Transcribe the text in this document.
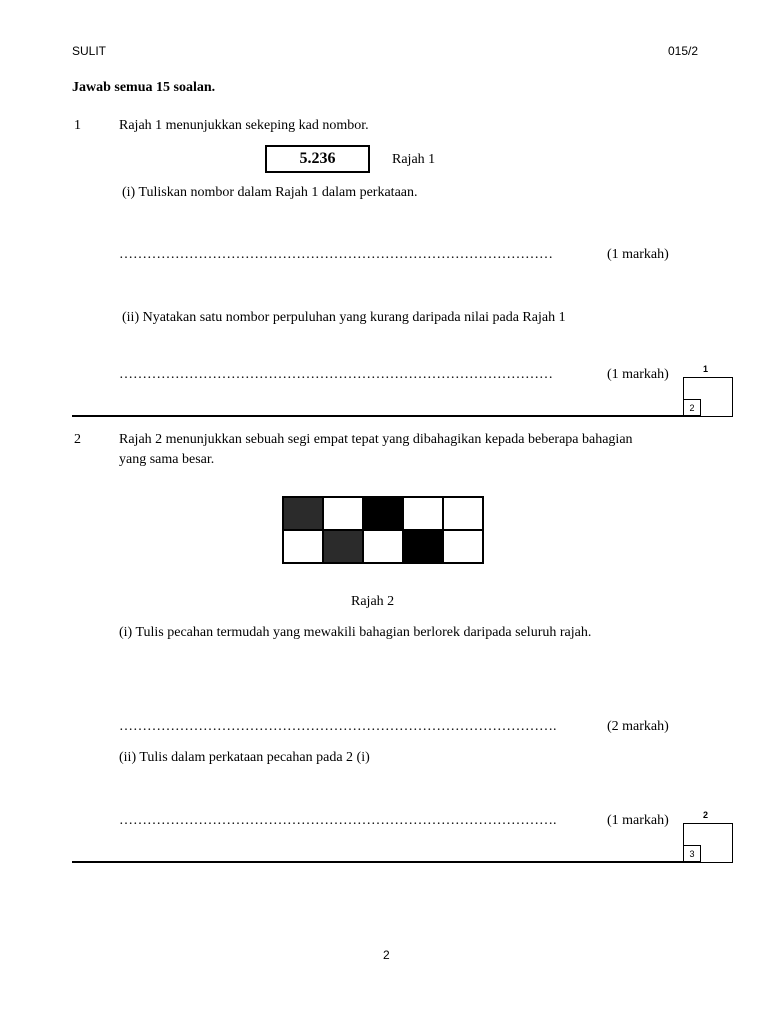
SULIT	015/2
Jawab semua 15 soalan.
1	Rajah 1 menunjukkan sekeping kad nombor.
5.236	Rajah 1
(i) Tuliskan nombor dalam Rajah 1 dalam perkataan.
…………………………………………………………………………………	(1 markah)
(ii) Nyatakan satu nombor perpuluhan yang kurang daripada nilai pada Rajah 1
…………………………………………………………………………………	(1 markah)	1
2
2	Rajah 2 menunjukkan sebuah segi empat tepat yang dibahagikan kepada beberapa bahagian
yang sama besar.
Rajah 2
(i) Tulis pecahan termudah yang mewakili bahagian berlorek daripada seluruh rajah.
………………………………………………………………………………….	(2 markah)
(ii) Tulis dalam perkataan pecahan pada 2 (i)
………………………………………………………………………………….	(1 markah)	2
3
2
